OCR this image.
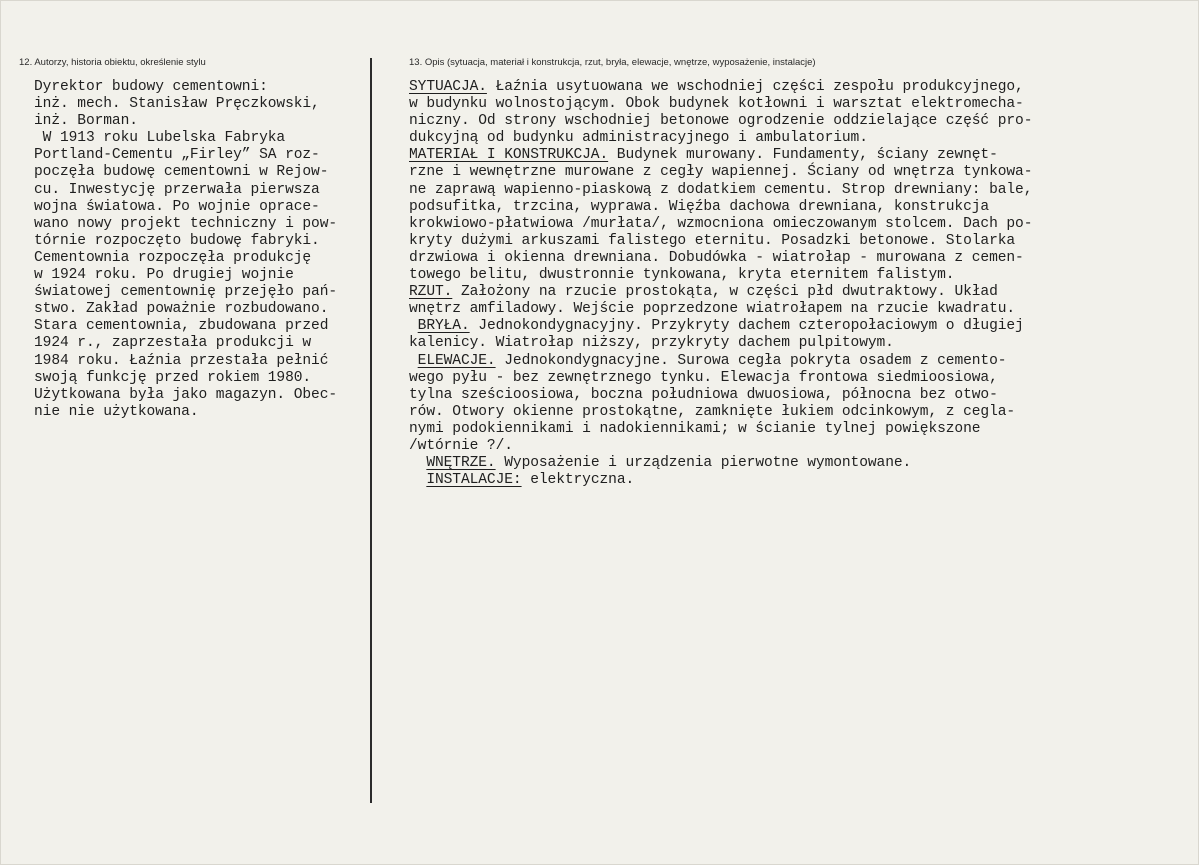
12. Autorzy, historia obiektu, określenie stylu	13. Opis (sytuacja, materiał i konstrukcja, rzut, bryła, elewacje, wnętrze, wyposażenie, instalacje)
Dyrektor budowy cementowni:
inż. mech. Stanisław Pręczkowski,
inż. Borman.
W 1913 roku Lubelska Fabryka
Portland-Cementu „Firley” SA roz-
poczęła budowę cementowni w Rejow-
cu. Inwestycję przerwała pierwsza
wojna światowa. Po wojnie oprace-
wano nowy projekt techniczny i pow-
tórnie rozpoczęto budowę fabryki.
Cementownia rozpoczęła produkcję
w 1924 roku. Po drugiej wojnie
światowej cementownię przejęło pań-
stwo. Zakład poważnie rozbudowano.
Stara cementownia, zbudowana przed
1924 r., zaprzestała produkcji w
1984 roku. Łaźnia przestała pełnić
swoją funkcję przed rokiem 1980.
Użytkowana była jako magazyn. Obec-
nie nie użytkowana.
SYTUACJA. Łaźnia usytuowana we wschodniej części zespołu produkcyjnego,
w budynku wolnostojącym. Obok budynek kotłowni i warsztat elektromecha-
niczny. Od strony wschodniej betonowe ogrodzenie oddzielające część pro-
dukcyjną od budynku administracyjnego i ambulatorium.
MATERIAŁ I KONSTRUKCJA. Budynek murowany. Fundamenty, ściany zewnęt-
rzne i wewnętrzne murowane z cegły wapiennej. Ściany od wnętrza tynkowa-
ne zaprawą wapienno-piaskową z dodatkiem cementu. Strop drewniany: bale,
podsufitka, trzcina, wyprawa. Więźba dachowa drewniana, konstrukcja
krokwiowo-płatwiowa /murłata/, wzmocniona omieczowanym stolcem. Dach po-
kryty dużymi arkuszami falistego eternitu. Posadzki betonowe. Stolarka
drzwiowa i okienna drewniana. Dobudówka - wiatrołap - murowana z cemen-
towego belitu, dwustronnie tynkowana, kryta eternitem falistym.
RZUT. Założony na rzucie prostokąta, w części płd dwutraktowy. Układ
wnętrz amfiladowy. Wejście poprzedzone wiatrołapem na rzucie kwadratu.
BRYŁA. Jednokondygnacyjny. Przykryty dachem czteropołaciowym o długiej
kalenicy. Wiatrołap niższy, przykryty dachem pulpitowym.
ELEWACJE. Jednokondygnacyjne. Surowa cegła pokryta osadem z cemento-
wego pyłu - bez zewnętrznego tynku. Elewacja frontowa siedmioosiowa,
tylna sześcioosiowa, boczna południowa dwuosiowa, północna bez otwo-
rów. Otwory okienne prostokątne, zamknięte łukiem odcinkowym, z cegla-
nymi podokiennikami i nadokiennikami; w ścianie tylnej powiększone
/wtórnie ?/.
WNĘTRZE. Wyposażenie i urządzenia pierwotne wymontowane.
INSTALACJE: elektryczna.
